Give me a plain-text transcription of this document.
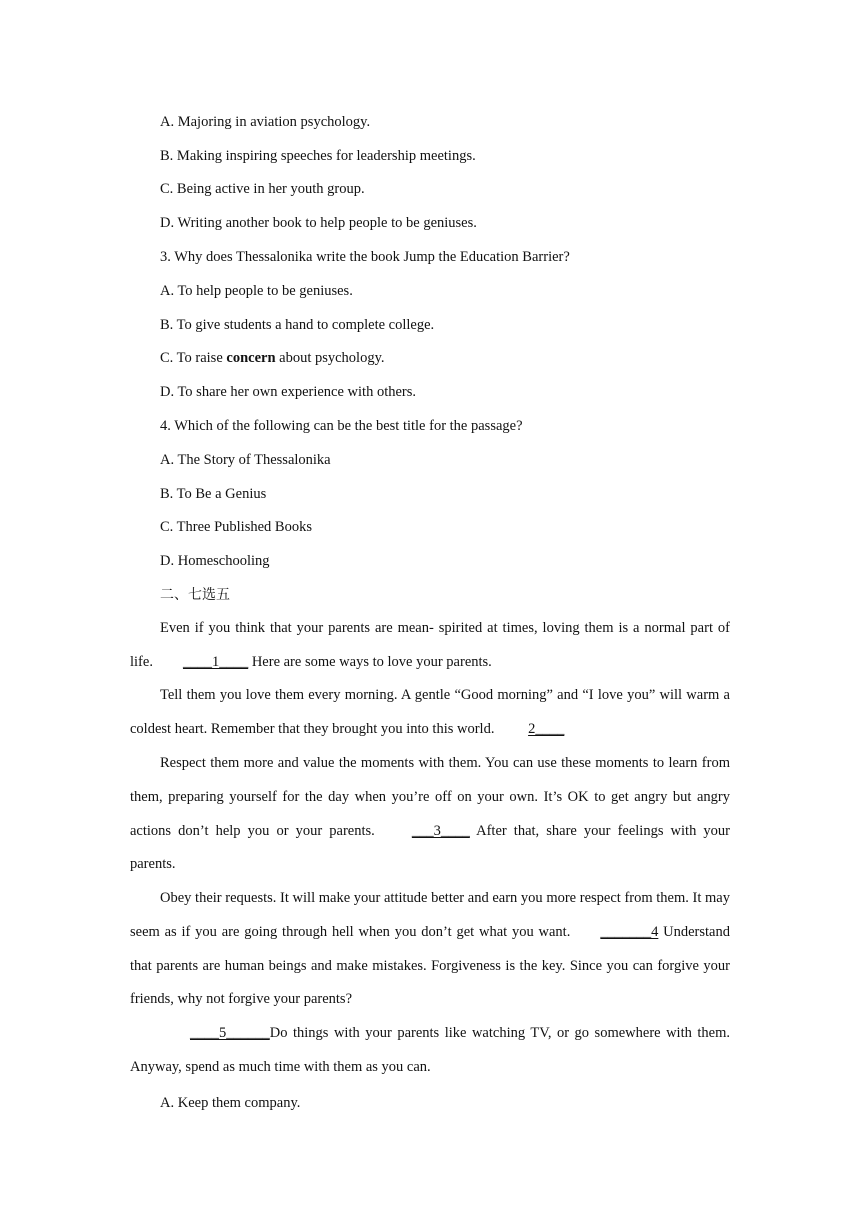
A. Majoring in aviation psychology.
B. Making inspiring speeches for leadership meetings.
C. Being active in her youth group.
D. Writing another book to help people to be geniuses.
3. Why does Thessalonika write the book Jump the Education Barrier?
A. To help people to be geniuses.
B. To give students a hand to complete college.
C. To raise concern about psychology.
D. To share her own experience with others.
4. Which of the following can be the best title for the passage?
A. The Story of Thessalonika
B. To Be a Genius
C. Three Published Books
D. Homeschooling
二、七选五
Even if you think that your parents are mean- spirited at times, loving them is a normal part of life. ____1____ Here are some ways to love your parents.
Tell them you love them every morning. A gentle “Good morning” and “I love you” will warm a coldest heart. Remember that they brought you into this world. 2____
Respect them more and value the moments with them. You can use these moments to learn from them, preparing yourself for the day when you’re off on your own. It’s OK to get angry but angry actions don’t help you or your parents. ___3____ After that, share your feelings with your parents.
Obey their requests. It will make your attitude better and earn you more respect from them. It may seem as if you are going through hell when you don’t get what you want. _______4 Understand that parents are human beings and make mistakes. Forgiveness is the key. Since you can forgive your friends, why not forgive your parents?
____5______Do things with your parents like watching TV, or go somewhere with them. Anyway, spend as much time with them as you can.
A. Keep them company.
